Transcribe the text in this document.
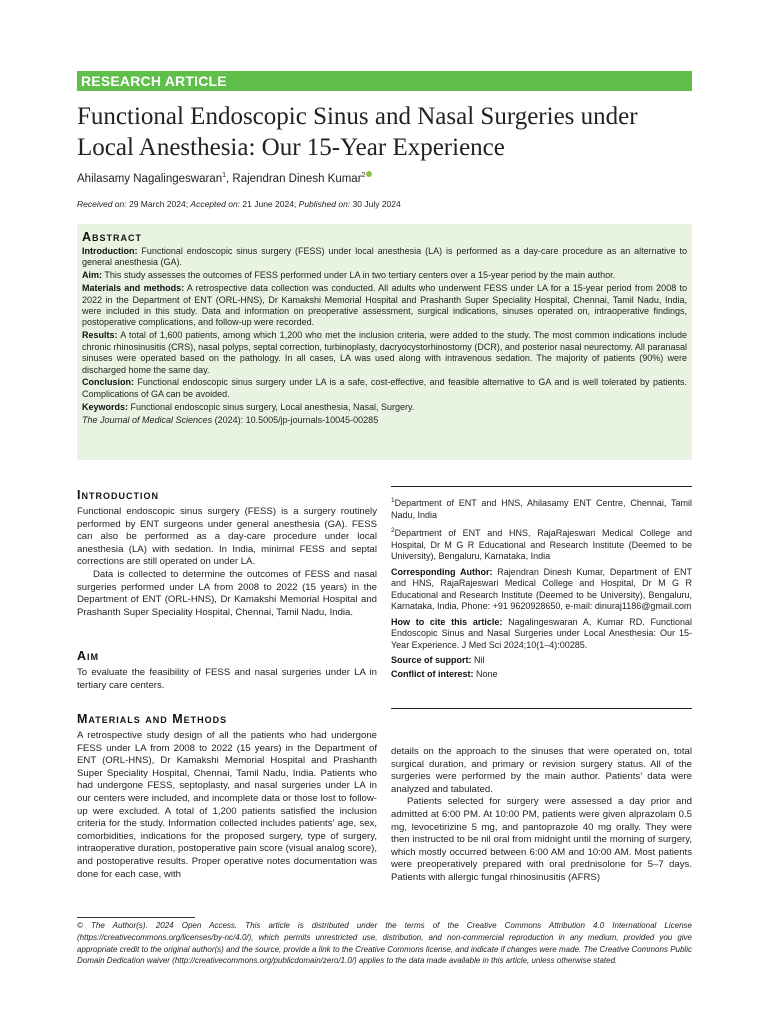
RESEARCH ARTICLE
Functional Endoscopic Sinus and Nasal Surgeries under Local Anesthesia: Our 15-Year Experience
Ahilasamy Nagalingeswaran$^1$, Rajendran Dinesh Kumar$^2$
Received on: 29 March 2024; Accepted on: 21 June 2024; Published on: 30 July 2024
Abstract

Introduction: Functional endoscopic sinus surgery (FESS) under local anesthesia (LA) is performed as a day-care procedure as an alternative to general anesthesia (GA).

Aim: This study assesses the outcomes of FESS performed under LA in two tertiary centers over a 15-year period by the main author.

Materials and methods: A retrospective data collection was conducted. All adults who underwent FESS under LA for a 15-year period from 2008 to 2022 in the Department of ENT (ORL-HNS), Dr Kamakshi Memorial Hospital and Prashanth Super Speciality Hospital, Chennai, Tamil Nadu, India, were included in this study. Data and information on preoperative assessment, surgical indications, sinuses operated on, intraoperative findings, postoperative complications, and follow-up were recorded.

Results: A total of 1,600 patients, among which 1,200 who met the inclusion criteria, were added to the study. The most common indications include chronic rhinosinusitis (CRS), nasal polyps, septal correction, turbinoplasty, dacryocystorhinostomy (DCR), and posterior nasal neurectomy. All paranasal sinuses were operated based on the pathology. In all cases, LA was used along with intravenous sedation. The majority of patients (90%) were discharged home the same day.

Conclusion: Functional endoscopic sinus surgery under LA is a safe, cost-effective, and feasible alternative to GA and is well tolerated by patients. Complications of GA can be avoided.

Keywords: Functional endoscopic sinus surgery, Local anesthesia, Nasal, Surgery.

The Journal of Medical Sciences (2024): 10.5005/jp-journals-10045-00285

Introduction

Functional endoscopic sinus surgery (FESS) is a surgery routinely performed by ENT surgeons under general anesthesia (GA). FESS can also be performed as a day-care procedure under local anesthesia (LA) with sedation. In India, minimal FESS and septal corrections are still operated on under LA.

Data is collected to determine the outcomes of FESS and nasal surgeries performed under LA from 2008 to 2022 (15 years) in the Department of ENT (ORL-HNS), Dr Kamakshi Memorial Hospital and Prashanth Super Speciality Hospital, Chennai, Tamil Nadu, India.

Aim

To evaluate the feasibility of FESS and nasal surgeries under LA in tertiary care centers.

Materials and Methods

A retrospective study design of all the patients who had undergone FESS under LA from 2008 to 2022 (15 years) in the Department of ENT (ORL-HNS), Dr Kamakshi Memorial Hospital and Prashanth Super Speciality Hospital, Chennai, Tamil Nadu, India. Patients who had undergone FESS, septoplasty, and nasal surgeries under LA in our centers were included, and incomplete data or those lost to follow-up were excluded. A total of 1,200 patients satisfied the inclusion criteria for the study. Information collected includes patients’ age, sex, comorbidities, indications for the proposed surgery, type of surgery, intraoperative duration, postoperative pain score (visual analog score), and postoperative results. Proper operative notes documentation was done for each case, with

$^1$Department of ENT and HNS, Ahilasamy ENT Centre, Chennai, Tamil Nadu, India

$^2$Department of ENT and HNS, RajaRajeswari Medical College and Hospital, Dr M G R Educational and Research Institute (Deemed to be University), Bengaluru, Karnataka, India

Corresponding Author: Rajendran Dinesh Kumar, Department of ENT and HNS, RajaRajeswari Medical College and Hospital, Dr M G R Educational and Research Institute (Deemed to be University), Bengaluru, Karnataka, India, Phone: +91 9620928650, e-mail: dinuraj1186@gmail.com

How to cite this article: Nagalingeswaran A, Kumar RD. Functional Endoscopic Sinus and Nasal Surgeries under Local Anesthesia: Our 15-Year Experience. J Med Sci 2024;10(1–4):00285.

Source of support: Nil

Conflict of interest: None

details on the approach to the sinuses that were operated on, total surgical duration, and primary or revision surgery status. All of the surgeries were performed by the main author. Patients’ data were analyzed and tabulated.

Patients selected for surgery were assessed a day prior and admitted at 6:00 PM. At 10:00 PM, patients were given alprazolam 0.5 mg, levocetirizine 5 mg, and pantoprazole 40 mg orally. They were then instructed to be nil oral from midnight until the morning of surgery, which mostly occurred between 6:00 AM and 10:00 AM. Most patients were preoperatively prepared with oral prednisolone for 5–7 days. Patients with allergic fungal rhinosinusitis (AFRS)

© The Author(s). 2024 Open Access. This article is distributed under the terms of the Creative Commons Attribution 4.0 International License (https://creativecommons.org/licenses/by-nc/4.0/), which permits unrestricted use, distribution, and non-commercial reproduction in any medium, provided you give appropriate credit to the original author(s) and the source, provide a link to the Creative Commons license, and indicate if changes were made. The Creative Commons Public Domain Dedication waiver (http://creativecommons.org/publicdomain/zero/1.0/) applies to the data made available in this article, unless otherwise stated.
